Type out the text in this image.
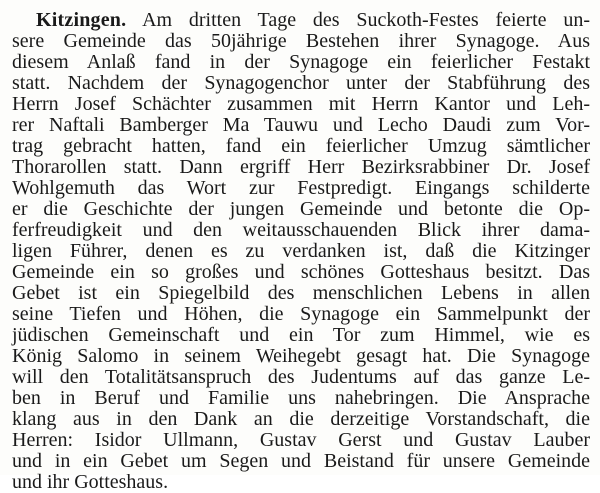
Kitzingen. Am dritten Tage des Suckoth-Festes feierte un-
sere Gemeinde das 50jährige Bestehen ihrer Synagoge. Aus
diesem Anlaß fand in der Synagoge ein feierlicher Festakt
statt. Nachdem der Synagogenchor unter der Stabführung des
Herrn Josef Schächter zusammen mit Herrn Kantor und Leh-
rer Naftali Bamberger Ma Tauwu und Lecho Daudi zum Vor-
trag gebracht hatten, fand ein feierlicher Umzug sämtlicher
Thorarollen statt. Dann ergriff Herr Bezirksrabbiner Dr. Josef
Wohlgemuth das Wort zur Festpredigt. Eingangs schilderte
er die Geschichte der jungen Gemeinde und betonte die Op-
ferfreudigkeit und den weitausschauenden Blick ihrer dama-
ligen Führer, denen es zu verdanken ist, daß die Kitzinger
Gemeinde ein so großes und schönes Gotteshaus besitzt. Das
Gebet ist ein Spiegelbild des menschlichen Lebens in allen
seine Tiefen und Höhen, die Synagoge ein Sammelpunkt der
jüdischen Gemeinschaft und ein Tor zum Himmel, wie es
König Salomo in seinem Weihegebt gesagt hat. Die Synagoge
will den Totalitätsanspruch des Judentums auf das ganze Le-
ben in Beruf und Familie uns nahebringen. Die Ansprache
klang aus in den Dank an die derzeitige Vorstandschaft, die
Herren: Isidor Ullmann, Gustav Gerst und Gustav Lauber
und in ein Gebet um Segen und Beistand für unsere Gemeinde
und ihr Gotteshaus.
